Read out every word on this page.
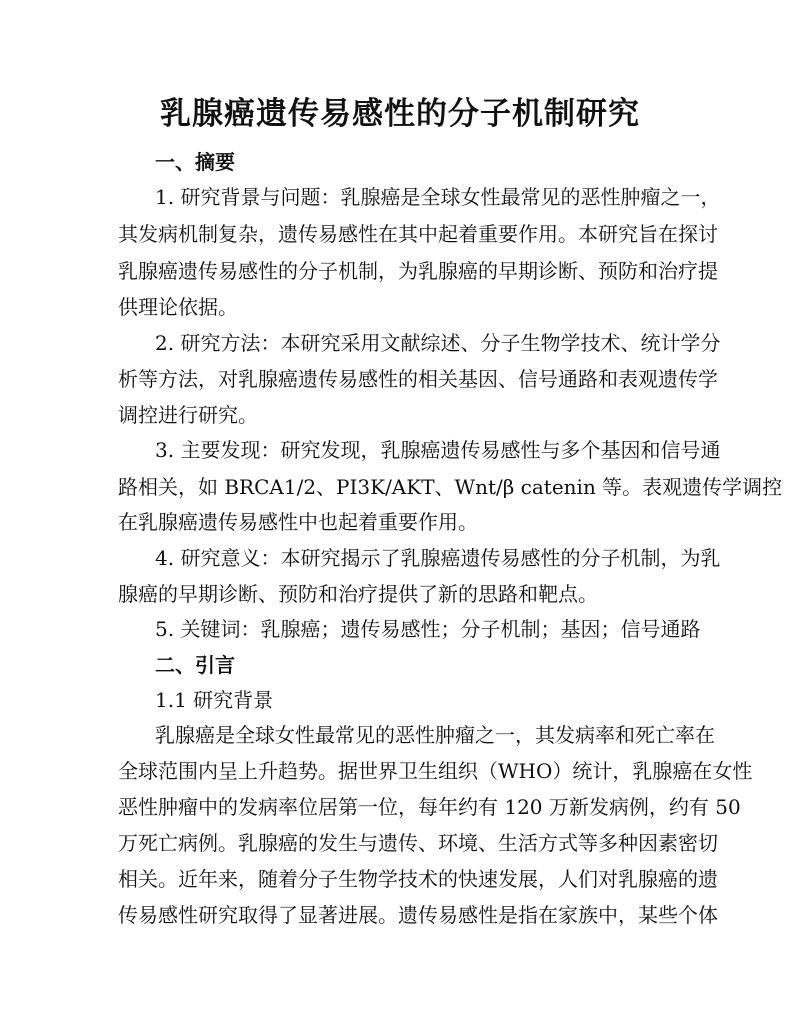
乳腺癌遗传易感性的分子机制研究
一、摘要
1. 研究背景与问题：乳腺癌是全球女性最常见的恶性肿瘤之一，
其发病机制复杂，遗传易感性在其中起着重要作用。本研究旨在探讨
乳腺癌遗传易感性的分子机制，为乳腺癌的早期诊断、预防和治疗提
供理论依据。
2. 研究方法：本研究采用文献综述、分子生物学技术、统计学分
析等方法，对乳腺癌遗传易感性的相关基因、信号通路和表观遗传学
调控进行研究。
3. 主要发现：研究发现，乳腺癌遗传易感性与多个基因和信号通
路相关，如 BRCA1/2、PI3K/AKT、Wnt/β catenin 等。表观遗传学调控
在乳腺癌遗传易感性中也起着重要作用。
4. 研究意义：本研究揭示了乳腺癌遗传易感性的分子机制，为乳
腺癌的早期诊断、预防和治疗提供了新的思路和靶点。
5. 关键词：乳腺癌；遗传易感性；分子机制；基因；信号通路
二、引言
1.1 研究背景
乳腺癌是全球女性最常见的恶性肿瘤之一，其发病率和死亡率在
全球范围内呈上升趋势。据世界卫生组织（WHO）统计，乳腺癌在女性
恶性肿瘤中的发病率位居第一位，每年约有 120 万新发病例，约有 50
万死亡病例。乳腺癌的发生与遗传、环境、生活方式等多种因素密切
相关。近年来，随着分子生物学技术的快速发展，人们对乳腺癌的遗
传易感性研究取得了显著进展。遗传易感性是指在家族中，某些个体
